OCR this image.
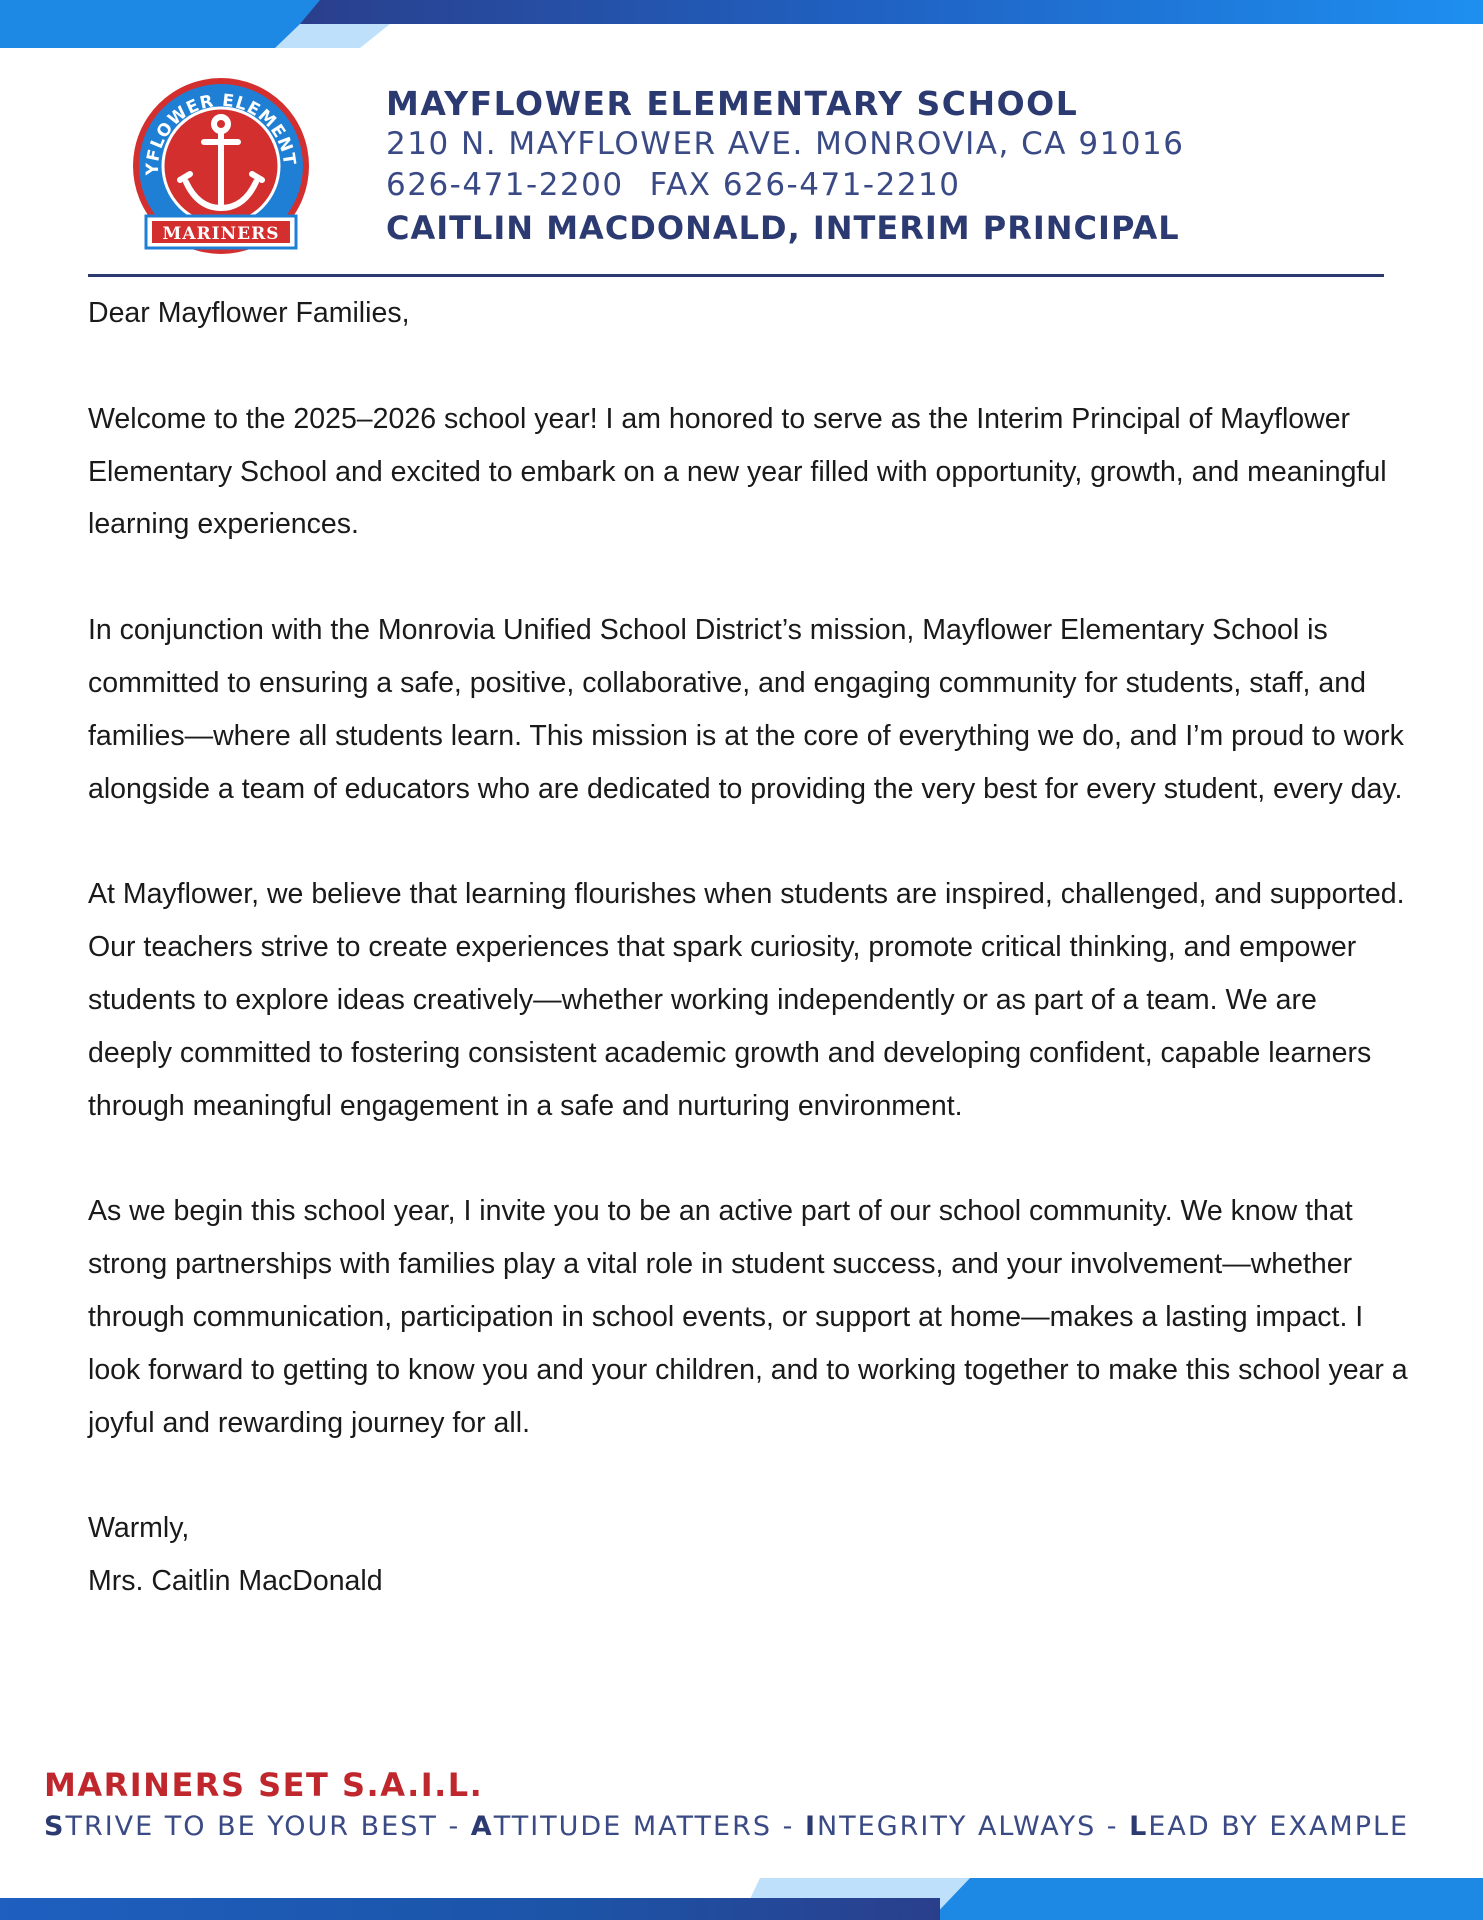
YFLOWER ELEMENT
MARINERS

MAYFLOWER ELEMENTARY SCHOOL

210 N. MAYFLOWER AVE. MONROVIA, CA 91016

626-471-2200 FAX 626-471-2210

CAITLIN MACDONALD, INTERIM PRINCIPAL

Dear Mayflower Families,

Welcome to the 2025–2026 school year! I am honored to serve as the Interim Principal of Mayflower Elementary School and excited to embark on a new year filled with opportunity, growth, and meaningful learning experiences.

In conjunction with the Monrovia Unified School District’s mission, Mayflower Elementary School is committed to ensuring a safe, positive, collaborative, and engaging community for students, staff, and families—where all students learn. This mission is at the core of everything we do, and I’m proud to work alongside a team of educators who are dedicated to providing the very best for every student, every day.

At Mayflower, we believe that learning flourishes when students are inspired, challenged, and supported. Our teachers strive to create experiences that spark curiosity, promote critical thinking, and empower students to explore ideas creatively—whether working independently or as part of a team. We are deeply committed to fostering consistent academic growth and developing confident, capable learners through meaningful engagement in a safe and nurturing environment.

As we begin this school year, I invite you to be an active part of our school community. We know that strong partnerships with families play a vital role in student success, and your involvement—whether through communication, participation in school events, or support at home—makes a lasting impact. I look forward to getting to know you and your children, and to working together to make this school year a joyful and rewarding journey for all.

Warmly,

Mrs. Caitlin MacDonald

MARINERS SET S.A.I.L.

STRIVE TO BE YOUR BEST - ATTITUDE MATTERS - INTEGRITY ALWAYS - LEAD BY EXAMPLE
